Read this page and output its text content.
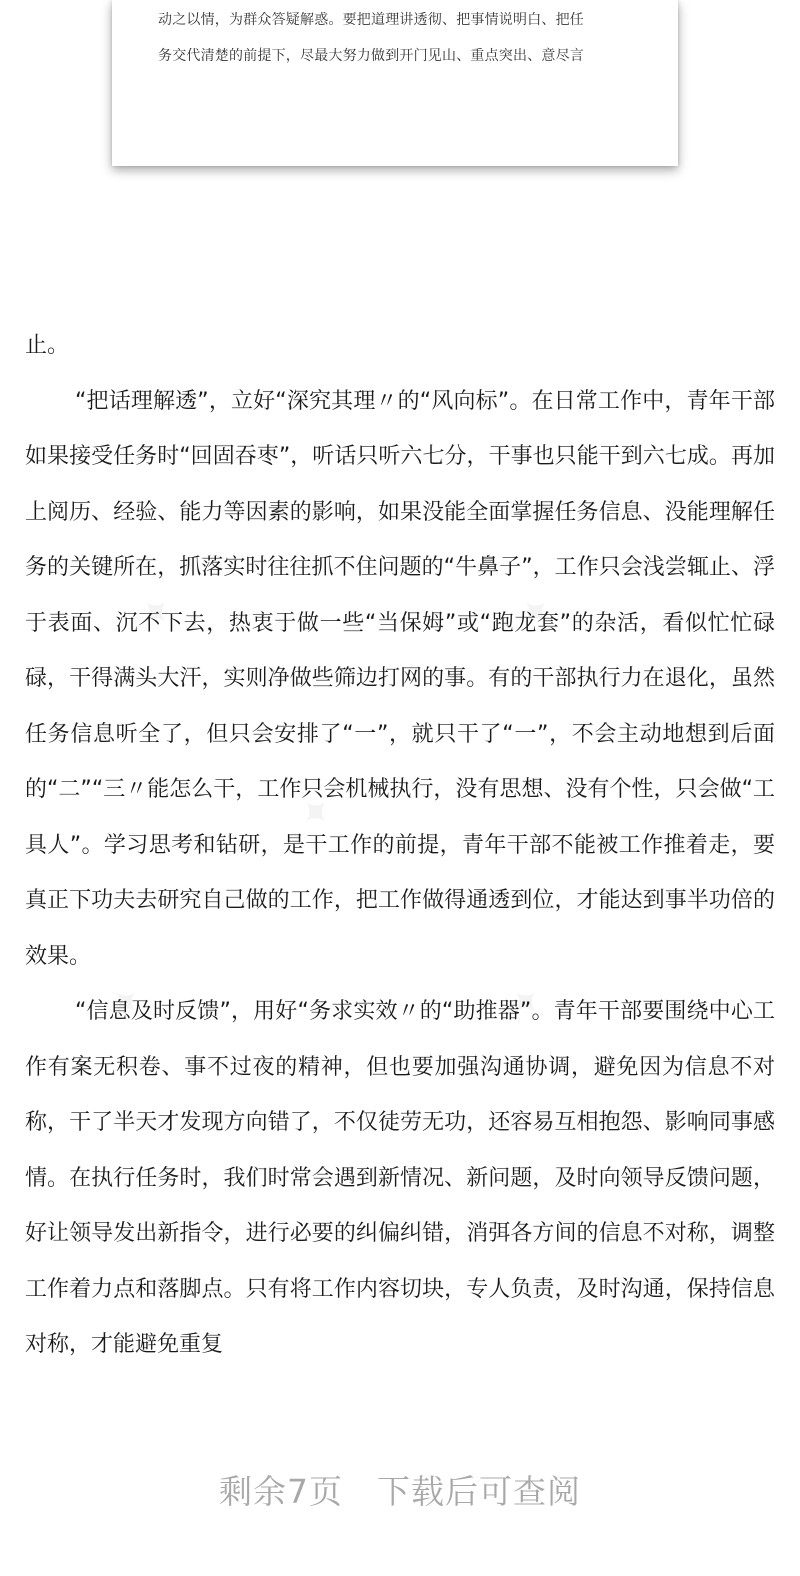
动之以情，为群众答疑解惑。要把道理讲透彻、把事情说明白、把任
务交代清楚的前提下，尽最大努力做到开门见山、重点突出、意尽言

止。

“把话理解透”，立好“深究其理〃的“风向标”。在日常工作中，青年干部如果接受任务时“回固吞枣”，听话只听六七分，干事也只能干到六七成。再加上阅历、经验、能力等因素的影响，如果没能全面掌握任务信息、没能理解任务的关键所在，抓落实时往往抓不住问题的“牛鼻子”，工作只会浅尝辄止、浮于表面、沉不下去，热衷于做一些“当保姆”或“跑龙套”的杂活，看似忙忙碌碌，干得满头大汗，实则净做些筛边打网的事。有的干部执行力在退化，虽然任务信息听全了，但只会安排了“一”，就只干了“一”，不会主动地想到后面的“二”“三〃能怎么干，工作只会机械执行，没有思想、没有个性，只会做“工具人”。学习思考和钻研，是干工作的前提，青年干部不能被工作推着走，要真正下功夫去研究自己做的工作，把工作做得通透到位，才能达到事半功倍的效果。

“信息及时反馈”，用好“务求实效〃的“助推器”。青年干部要围绕中心工作有案无积卷、事不过夜的精神，但也要加强沟通协调，避免因为信息不对称，干了半天才发现方向错了，不仅徒劳无功，还容易互相抱怨、影响同事感情。在执行任务时，我们时常会遇到新情况、新问题，及时向领导反馈问题，好让领导发出新指令，进行必要的纠偏纠错，消弭各方间的信息不对称，调整工作着力点和落脚点。只有将工作内容切块，专人负责，及时沟通，保持信息对称，才能避免重复

剩余7页 下载后可查阅
